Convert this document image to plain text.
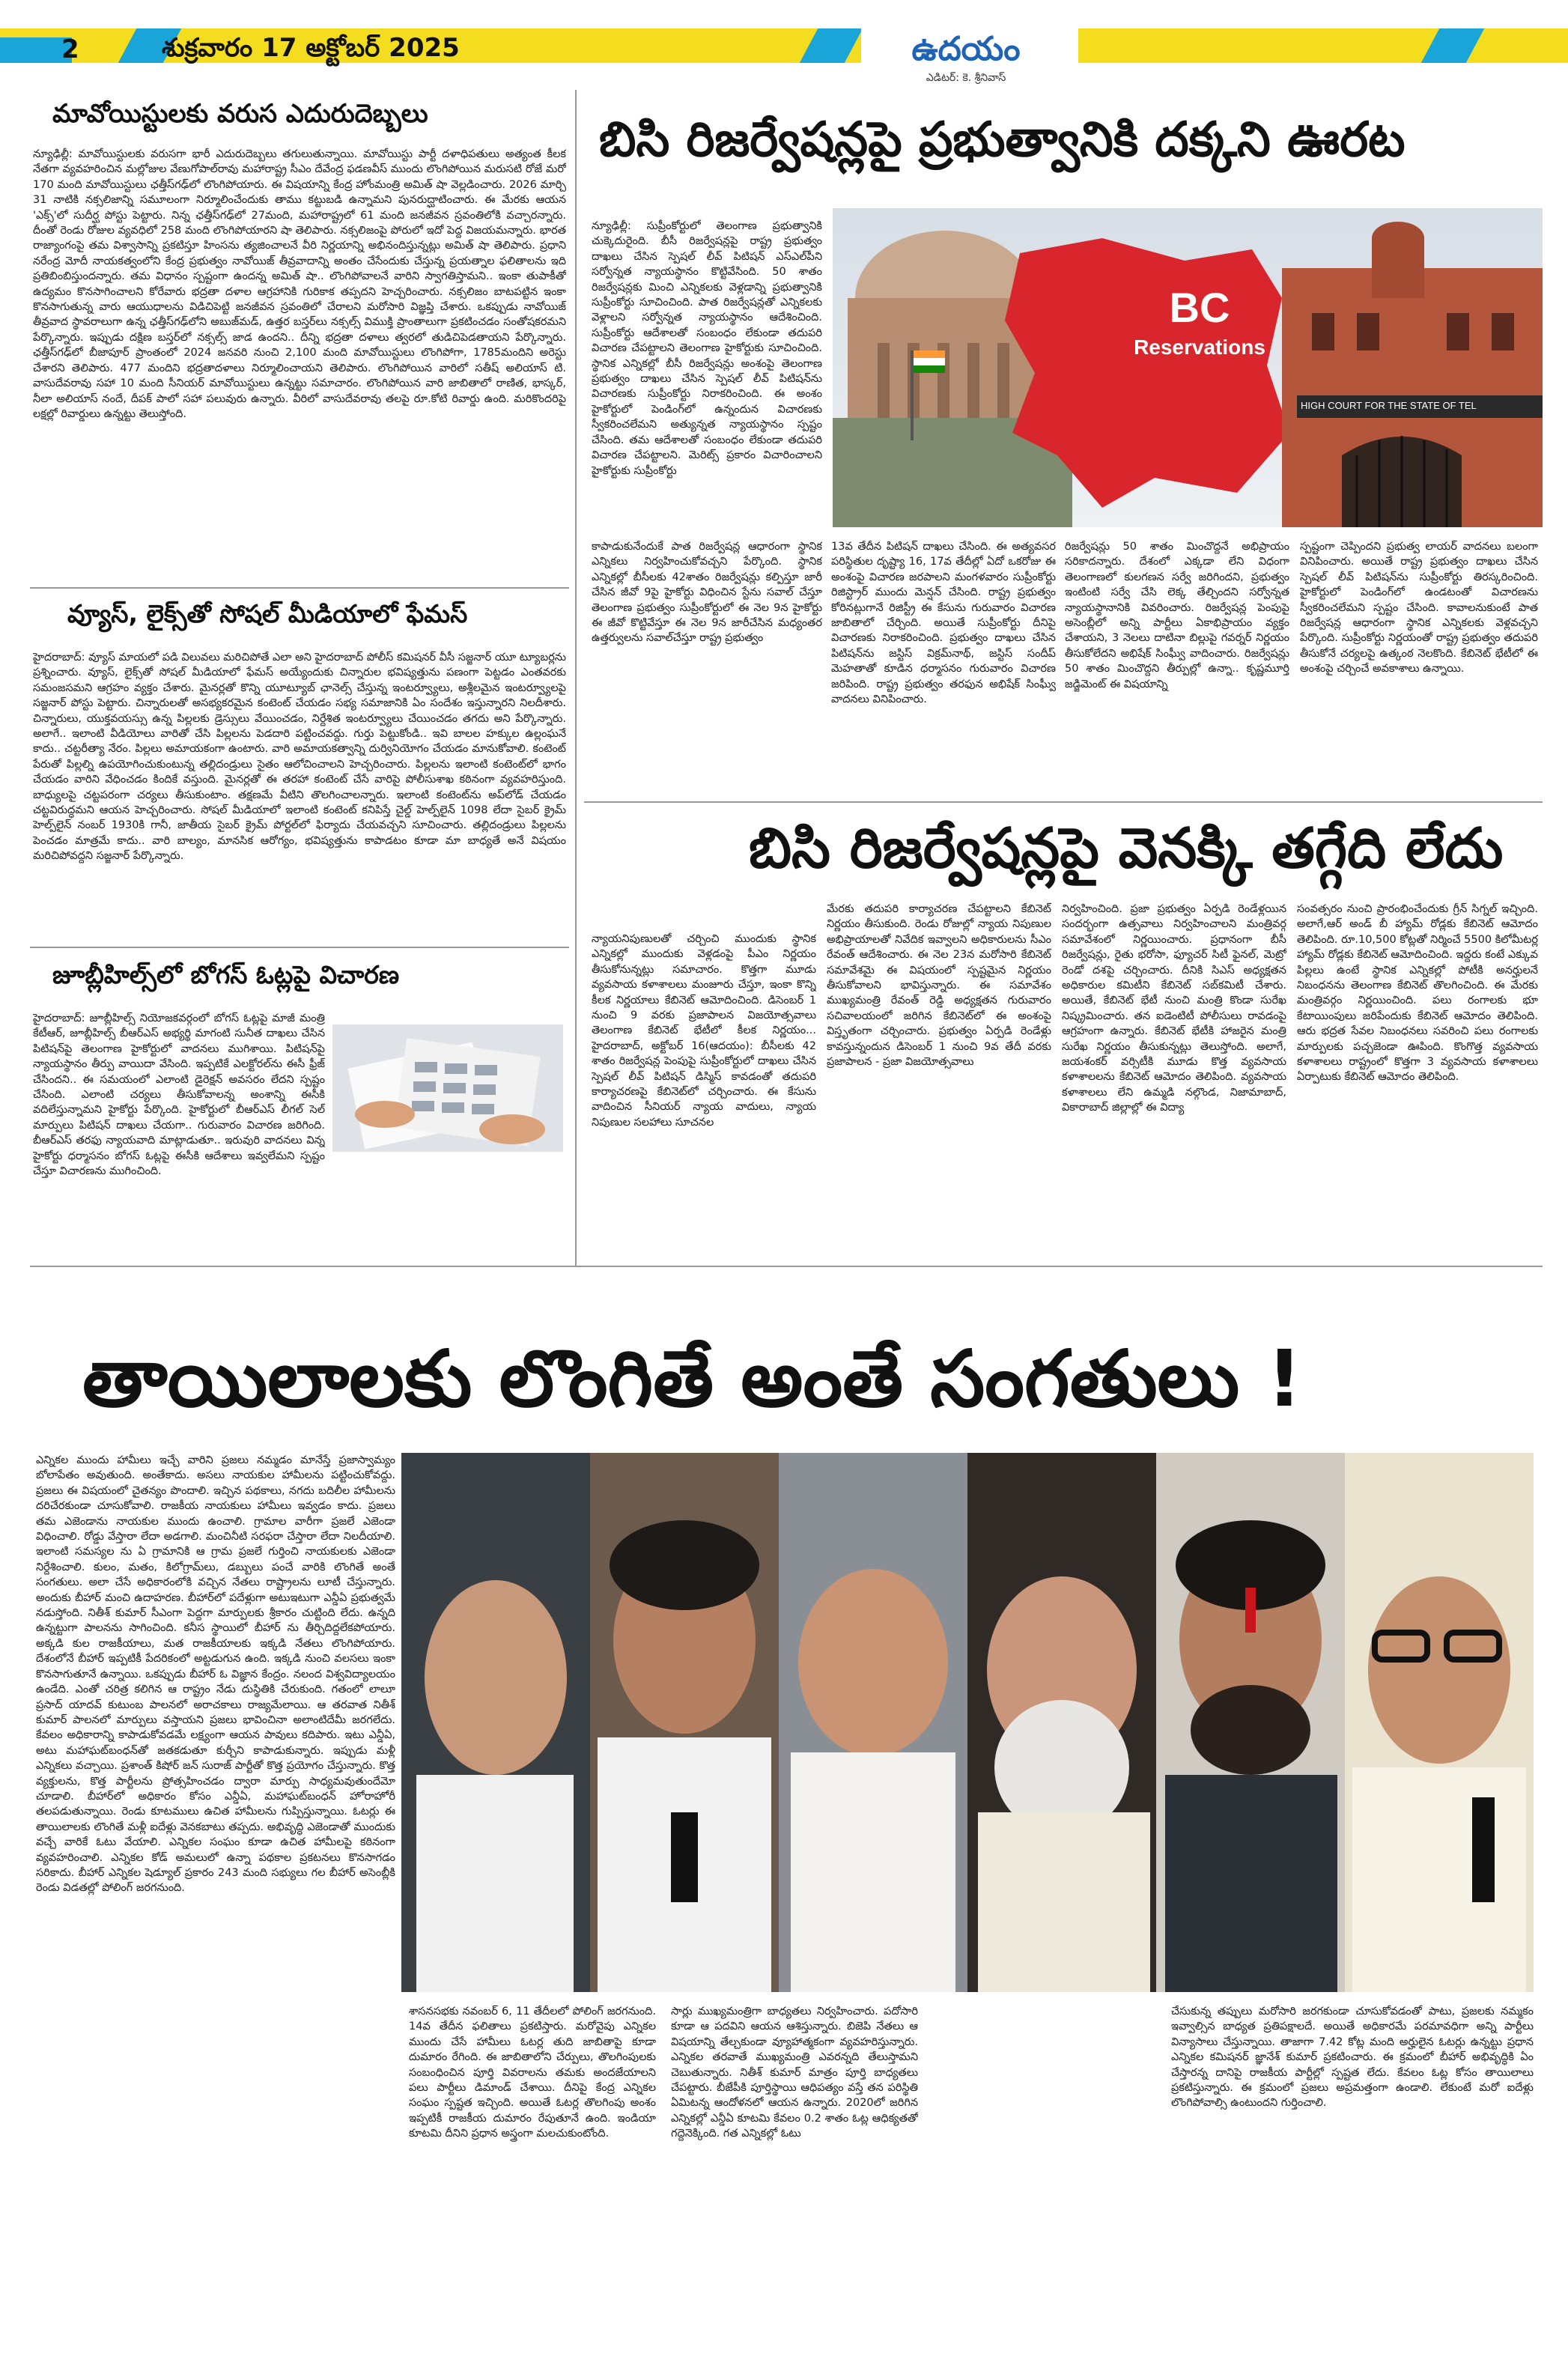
2	శుక్రవారం 17 అక్టోబర్ 2025	ఉదయం
ఎడిటర్: కె. శ్రీనివాస్
మావోయిస్టులకు వరుస ఎదురుదెబ్బలు
న్యూఢిల్లీ: మావోయిస్టులకు వరుసగా భారీ ఎదురుదెబ్బలు తగులుతున్నాయి. మావోయిస్టు పార్టీ దళాధిపతులు అత్యంత కీలక నేతగా వ్యవహరించిన మల్లోజుల వేణుగోపాల్‌రావు మహారాష్ట్ర సీఎం దేవేంద్ర ఫడణవీస్ ముందు లొంగిపోయిన మరుసటి రోజే మరో 170 మంది మావోయిస్టులు ఛత్తీస్‌గఢ్‌లో లొంగిపోయారు. ఈ విషయాన్ని కేంద్ర హోంమంత్రి అమిత్ షా వెల్లడించారు. 2026 మార్చి 31 నాటికి నక్సలిజాన్ని సమూలంగా నిర్మూలించేందుకు తాము కట్టుబడి ఉన్నామని పునరుద్ఘాటించారు. ఈ మేరకు ఆయన 'ఎక్స్'లో సుదీర్ఘ పోస్టు పెట్టారు. నిన్న ఛత్తీస్‌గఢ్‌లో 27మంది, మహారాష్ట్రలో 61 మంది జనజీవన స్రవంతిలోకి వచ్చారన్నారు. దీంతో రెండు రోజుల వ్యవధిలో 258 మంది లొంగిపోయారని షా తెలిపారు. నక్సలిజంపై పోరులో ఇదో పెద్ద విజయమన్నారు. భారత రాజ్యాంగంపై తమ విశ్వాసాన్ని ప్రకటిస్తూ హింసను త్యజించాలనే వీరి నిర్ణయాన్ని అభినందిస్తున్నట్లు అమిత్ షా తెలిపారు. ప్రధాని నరేంద్ర మోదీ నాయకత్వంలోని కేంద్ర ప్రభుత్వం నావోయిజ్‌ తీవ్రవాదాన్ని అంతం చేసేందుకు చేస్తున్న ప్రయత్నాల ఫలితాలను ఇది ప్రతిబింబిస్తుందన్నారు. తమ విధానం స్పష్టంగా ఉందన్న అమిత్ షా.. లొంగిపోవాలనే వారిని స్వాగతిస్తామని.. ఇంకా తుపాకీతో ఉద్యమం కొనసాగించాలని కోరేవారు భద్రతా దళాల ఆగ్రహానికి గురికాక తప్పదని హెచ్చరించారు. నక్సలిజం బాటపట్టిన ఇంకా కొనసాగుతున్న వారు ఆయుధాలను విడిచిపెట్టి జనజీవన స్రవంతిలో చేరాలని మరోసారి విజ్ఞప్తి చేశారు. ఒకప్పుడు నావోయిజ్ తీవ్రవాద స్థావరాలుగా ఉన్న ఛత్తీస్‌గఢ్‌లోని అబుజ్‌మడ్, ఉత్తర బస్తర్‌లు నక్సల్స్ విముక్తి ప్రాంతాలుగా ప్రకటించడం సంతోషకరమని పేర్కొన్నారు. ఇప్పుడు దక్షిణ బస్తర్‌లో నక్సల్స్ జాడ ఉందని.. దీన్ని భద్రతా దళాలు త్వరలో తుడిచిపెడతాయని పేర్కొన్నారు. ఛత్తీస్‌గఢ్‌లో బీజాపూర్ ప్రాంతంలో 2024 జనవరి నుంచి 2,100 మంది మావోయిస్టులు లొంగిపోగా, 1785మందిని అరెస్టు చేశారని తెలిపారు. 477 మందిని భద్రతాదళాలు నిర్మూలించాయని తెలిపారు. లొంగిపోయిన వారిలో సతీష్ అలియాస్ టి. వాసుదేవరావు సహా 10 మంది సీనియర్ మావోయిస్టులు ఉన్నట్టు సమాచారం. లొంగిపోయిన వారి జాబితాలో రాణిత, భాస్కర్, నీలా అలియాస్ నందే, దీపక్ పాలో సహా పలువురు ఉన్నారు. వీరిలో వాసుదేవరావు తలపై రూ.కోటి రివార్డు ఉంది. మరికొందరిపై లక్షల్లో రివార్డులు ఉన్నట్టు తెలుస్తోంది.
వ్యూస్, లైక్స్‌తో సోషల్ మీడియాలో ఫేమస్
హైదరాబాద్: వ్యూస్ మాయలో పడి విలువలు మరిచిపోతే ఎలా అని హైదరాబాద్ పోలీస్ కమిషనర్ వీసీ సజ్జనార్ యూ ట్యూబర్లను ప్రశ్నించారు. వ్యూస్, లైక్స్‌తో సోషల్ మీడియాలో ఫేమస్ అయ్యేందుకు చిన్నారుల భవిష్యత్తును పణంగా పెట్టడం ఎంతవరకు సమంజసమని ఆగ్రహం వ్యక్తం చేశారు. మైనర్లతో కొన్ని యూట్యూబ్ ఛానెల్స్ చేస్తున్న ఇంటర్వ్యూలు, అశ్లీలమైన ఇంటర్వ్యూలపై సజ్జనార్ పోస్టు పెట్టారు. చిన్నారులతో అసభ్యకరమైన కంటెంట్ చేయడం సభ్య సమాజానికి ఏం సందేశం ఇస్తున్నారని నిలదీశారు. చిన్నారులు, యుక్తవయస్సు ఉన్న పిల్లలకు డ్రెస్సులు వేయించడం, నిర్దేశిత ఇంటర్వ్యూలు చేయించడం తగదు అని పేర్కొన్నారు. అలాగే.. ఇలాంటి వీడియోలు వారితో చేసి పిల్లలను పెడదారి పట్టించవద్దు. గుర్తు పెట్టుకోండి.. ఇవి బాలల హక్కుల ఉల్లంఘనే కాదు.. చట్టరీత్యా నేరం. పిల్లలు అమాయకంగా ఉంటారు. వారి అమాయకత్వాన్ని దుర్వినియోగం చేయడం మానుకోవాలి. కంటెంట్ పేరుతో పిల్లల్ని ఉపయోగించుకుంటున్న తల్లిదండ్రులు సైతం ఆలోచించాలని హెచ్చరించారు. పిల్లలను ఇలాంటి కంటెంట్‌లో భాగం చేయడం వారిని వేధించడం కిందికే వస్తుంది. మైనర్లతో ఈ తరహా కంటెంట్ చేసే వారిపై పోలీసుశాఖ కఠినంగా వ్యవహరిస్తుంది. బాధ్యులపై చట్టపరంగా చర్యలు తీసుకుంటాం. తక్షణమే వీటిని తొలగించాలన్నారు. ఇలాంటి కంటెంట్‌ను అప్‌లోడ్ చేయడం చట్టవిరుద్ధమని ఆయన హెచ్చరించారు. సోషల్ మీడియాలో ఇలాంటి కంటెంట్ కనిపిస్తే చైల్డ్ హెల్ప్‌లైన్ 1098 లేదా సైబర్ క్రైమ్ హెల్ప్‌లైన్ నంబర్ 1930కి గానీ, జాతీయ సైబర్ క్రైమ్ పోర్టల్‌లో ఫిర్యాదు చేయవచ్చని సూచించారు. తల్లిదండ్రులు పిల్లలను పెంచడం మాత్రమే కాదు.. వారి బాల్యం, మానసిక ఆరోగ్యం, భవిష్యత్తును కాపాడటం కూడా మా బాధ్యతే అనే విషయం మరిచిపోవద్దని సజ్జనార్ పేర్కొన్నారు.
జూబ్లీహిల్స్‌లో బోగస్ ఓట్లపై విచారణ
హైదరాబాద్: జూబ్లీహిల్స్ నియోజకవర్గంలో బోగస్ ఓట్లపై మాజీ మంత్రి కేటీఆర్, జూబ్లీహిల్స్ బీఆర్ఎస్ అభ్యర్థి మాగంటి సునీత దాఖలు చేసిన పిటిషన్‌పై తెలంగాణ హైకోర్టులో వాదనలు ముగిశాయి. పిటిషన్‌పై న్యాయస్థానం తీర్పు వాయిదా వేసింది. ఇప్పటికే ఎలక్టోరల్‌ను ఈసీ ఫ్రీజ్ చేసిందని.. ఈ సమయంలో ఎలాంటి డైరెక్షన్ అవసరం లేదని స్పష్టం చేసింది. ఎలాంటి చర్యలు తీసుకోవాలన్న అంశాన్ని ఈసీకి వదిలేస్తున్నామని హైకోర్టు పేర్కొంది. హైకోర్టులో బీఆర్ఎస్ లీగల్ సెల్ మార్పులు పిటిషన్ దాఖలు చేయగా.. గురువారం విచారణ జరిగింది. బీఆర్ఎస్ తరఫు న్యాయవాది మాట్లాడుతూ.. ఇరువురి వాదనలు విన్న హైకోర్టు ధర్మాసనం బోగస్ ఓట్లపై ఈసీకి ఆదేశాలు ఇవ్వలేమని స్పష్టం చేస్తూ విచారణను ముగించింది.
బిసి రిజర్వేషన్లపై ప్రభుత్వానికి దక్కని ఊరట
BC
Reservations
HIGH COURT FOR THE STATE OF TEL
న్యూఢిల్లీ: సుప్రీంకోర్టులో తెలంగాణ ప్రభుత్వానికి చుక్కెదురైంది. బీసీ రిజర్వేషన్లపై రాష్ట్ర ప్రభుత్వం దాఖలు చేసిన స్పెషల్ లీవ్ పిటిషన్ ఎస్ఎల్‌పీని సర్వోన్నత న్యాయస్థానం కొట్టివేసింది. 50 శాతం రిజర్వేషన్లకు మించి ఎన్నికలకు వెళ్లడాన్ని ప్రభుత్వానికి సుప్రీంకోర్టు సూచించింది. పాత రిజర్వేషన్లతో ఎన్నికలకు వెళ్లాలని సర్వోన్నత న్యాయస్థానం ఆదేశించింది. సుప్రీంకోర్టు ఆదేశాలతో సంబంధం లేకుండా తదుపరి విచారణ చేపట్టాలని తెలంగాణ హైకోర్టుకు సూచించింది. స్థానిక ఎన్నికల్లో బీసీ రిజర్వేషన్లు అంశంపై తెలంగాణ ప్రభుత్వం దాఖలు చేసిన స్పెషల్ లీవ్ పిటిషన్‌ను విచారణకు సుప్రీంకోర్టు నిరాకరించింది. ఈ అంశం హైకోర్టులో పెండింగ్‌లో ఉన్నందున విచారణకు స్వీకరించలేమని అత్యున్నత న్యాయస్థానం స్పష్టం చేసింది. తమ ఆదేశాలతో సంబంధం లేకుండా తదుపరి విచారణ చేపట్టాలని. మెరిట్స్ ప్రకారం విచారించాలని హైకోర్టుకు సుప్రీంకోర్టు
కాపాడుకునేందుకే పాత రిజర్వేషన్ల ఆధారంగా స్థానిక ఎన్నికలు నిర్వహించుకోవచ్చని పేర్కొంది. స్థానిక ఎన్నికల్లో బీసీలకు 42శాతం రిజర్వేషన్లు కల్పిస్తూ జారీ చేసిన జీవో 9పై హైకోర్టు విధించిన స్టేను సవాల్ చేస్తూ తెలంగాణ ప్రభుత్వం సుప్రీంకోర్టులో ఈ నెల 9న హైకోర్టు ఈ జీవో కొట్టివేస్తూ ఈ నెల 9న జారీచేసిన మధ్యంతర ఉత్తర్వులను సవాల్‌చేస్తూ రాష్ట్ర ప్రభుత్వం
13వ తేదీన పిటిషన్ దాఖలు చేసింది. ఈ అత్యవసర పరిస్థితుల దృష్ట్యా 16, 17వ తేదీల్లో ఏదో ఒకరోజు ఈ అంశంపై విచారణ జరపాలని మంగళవారం సుప్రీంకోర్టు రిజిస్ట్రార్ ముందు మెన్షన్ చేసింది. రాష్ట్ర ప్రభుత్వం కోరినట్లుగానే రిజిస్ట్రీ ఈ కేసును గురువారం విచారణ జాబితాలో చేర్చింది. అయితే సుప్రీంకోర్టు దీనిపై విచారణకు నిరాకరించింది. ప్రభుత్వం దాఖలు చేసిన పిటిషన్‌ను జస్టిస్ విక్రమ్‌నాథ్, జస్టిస్ సందీప్ మెహతాతో కూడిన ధర్మాసనం గురువారం విచారణ జరిపింది. రాష్ట్ర ప్రభుత్వం తరఫున అభిషేక్ సింఘ్వీ వాదనలు వినిపించారు.
రిజర్వేషన్లు 50 శాతం మించొద్దనే అభిప్రాయం సరికాదన్నారు. దేశంలో ఎక్కడా లేని విధంగా తెలంగాణలో కులగణన సర్వే జరిగిందని, ప్రభుత్వం ఇంటింటి సర్వే చేసి లెక్క తేల్చిందని సర్వోన్నత న్యాయస్థానానికి వివరించారు. రిజర్వేషన్ల పెంపుపై అసెంబ్లీలో అన్ని పార్టీలు ఏకాభిప్రాయం వ్యక్తం చేశాయని, 3 నెలలు దాటినా బిల్లుపై గవర్నర్ నిర్ణయం తీసుకోలేదని అభిషేక్ సింఘ్వీ వాదించారు. రిజర్వేషన్లు 50 శాతం మించొద్దని తీర్పుల్లో ఉన్నా.. కృష్ణమూర్తి జడ్జిమెంట్ ఈ విషయాన్ని
స్పష్టంగా చెప్పిందని ప్రభుత్వ లాయర్ వాదనలు బలంగా వినిపించారు. అయితే రాష్ట్ర ప్రభుత్వం దాఖలు చేసిన స్పెషల్ లీవ్ పిటిషన్‌ను సుప్రీంకోర్టు తిరస్కరించింది. హైకోర్టులో పెండింగ్‌లో ఉండటంతో విచారణను స్వీకరించలేమని స్పష్టం చేసింది. కావాలనుకుంటే పాత రిజర్వేషన్ల ఆధారంగా స్థానిక ఎన్నికలకు వెళ్లవచ్చని పేర్కొంది. సుప్రీంకోర్టు నిర్ణయంతో రాష్ట్ర ప్రభుత్వం తదుపరి తీసుకోనే చర్యలపై ఉత్కంఠ నెలకొంది. కేబినెట్ భేటీలో ఈ అంశంపై చర్చించే అవకాశాలు ఉన్నాయి.
బిసి రిజర్వేషన్లపై వెనక్కి తగ్గేది లేదు
న్యాయనిపుణులతో చర్చించి ముందుకు స్థానిక ఎన్నికల్లో ముందుకు వెళ్లడంపై పీఎం నిర్ణయం తీసుకోనున్నట్లు సమాచారం. కొత్తగా మూడు వ్యవసాయ కళాశాలలు మంజూరు చేస్తూ, ఇంకా కొన్ని కీలక నిర్ణయాలు కేబినెట్ ఆమోదించింది. డిసెంబర్ 1 నుంచి 9 వరకు ప్రజాపాలన విజయోత్సవాలు తెలంగాణ కేబినెట్ భేటీలో కీలక నిర్ణయం... హైదరాబాద్, అక్టోబర్ 16(ఆదయం): బీసీలకు 42 శాతం రిజర్వేషన్ల పెంపుపై సుప్రీంకోర్టులో దాఖలు చేసిన స్పెషల్ లీవ్ పిటిషన్ డిస్మిస్ కావడంతో తదుపరి కార్యాచరణపై కేబినెట్‌లో చర్చించారు. ఈ కేసును వాదించిన సీనియర్ న్యాయ వాదులు, న్యాయ నిపుణుల సలహాలు సూచనల
మేరకు తదుపరి కార్యాచరణ చేపట్టాలని కేబినెట్ నిర్ణయం తీసుకుంది. రెండు రోజుల్లో న్యాయ నిపుణుల అభిప్రాయాలతో నివేదిక ఇవ్వాలని అధికారులను సీఎం రేవంత్ ఆదేశించారు. ఈ నెల 23న మరోసారి కేబినెట్ సమావేశమై ఈ విషయంలో స్పష్టమైన నిర్ణయం తీసుకోవాలని భావిస్తున్నారు. ఈ సమావేశం ముఖ్యమంత్రి రేవంత్ రెడ్డి అధ్యక్షతన గురువారం సచివాలయంలో జరిగిన కేబినెట్‌లో ఈ అంశంపై విస్తృతంగా చర్చించారు. ప్రభుత్వం ఏర్పడి రెండేళ్లు కావస్తున్నందున డిసెంబర్ 1 నుంచి 9వ తేదీ వరకు ప్రజాపాలన - ప్రజా విజయోత్సవాలు
నిర్వహించింది. ప్రజా ప్రభుత్వం ఏర్పడి రెండేళ్లయిన సందర్భంగా ఉత్సవాలు నిర్వహించాలని మంత్రివర్గ సమావేశంలో నిర్ణయించారు. ప్రధానంగా బీసీ రిజర్వేషన్లు, రైతు భరోసా, ఫ్యూచర్ సిటీ ఫైనల్, మెట్రో రెండో దశపై చర్చించారు. దీనికి సిఎస్ అధ్యక్షతన అధికారుల కమిటీని కేబినెట్ సబ్‌కమిటీ చేశారు. అయితే, కేబినెట్ భేటీ నుంచి మంత్రి కొండా సురేఖ నిష్క్రమించారు. తన ఐడెంటిటీ పోలీసులు రావడంపై ఆగ్రహంగా ఉన్నారు. కేబినెట్ భేటీకి హాజరైన మంత్రి సురేఖ నిర్ణయం తీసుకున్నట్లు తెలుస్తోంది. అలాగే, జయశంకర్ వర్సిటీకి మూడు కొత్త వ్యవసాయ కళాశాలలను కేబినెట్ ఆమోదం తెలిపింది. వ్యవసాయ కళాశాలలు లేని ఉమ్మడి నల్గొండ, నిజామాబాద్, వికారాబాద్ జిల్లాల్లో ఈ విద్యా
సంవత్సరం నుంచి ప్రారంభించేందుకు గ్రీన్ సిగ్నల్ ఇచ్చింది. అలాగే,ఆర్ అండ్ బీ హ్యామ్ రోడ్లకు కేబినెట్ ఆమోదం తెలిపింది. రూ.10,500 కోట్లతో నిర్మించే 5500 కిలోమీటర్ల హ్యామ్ రోడ్లకు కేబినెట్ ఆమోదించింది. ఇద్దరు కంటే ఎక్కువ పిల్లలు ఉంటే స్థానిక ఎన్నికల్లో పోటీకి అనర్హులనే నిబంధనను తెలంగాణ కేబినెట్ తొలగించింది. ఈ మేరకు మంత్రివర్గం నిర్ణయించింది. పలు రంగాలకు భూ కేటాయింపులు జరిపేందుకు కేబినెట్ ఆమోదం తెలిపింది. ఆరు భద్రత సేవల నిబంధనలు సవరించి పలు రంగాలకు మార్పులకు పచ్చజెండా ఊపింది. కొంగొత్త వ్యవసాయ కళాశాలలు రాష్ట్రంలో కొత్తగా 3 వ్యవసాయ కళాశాలలు ఏర్పాటుకు కేబినెట్ ఆమోదం తెలిపింది.
తాయిలాలకు లొంగితే అంతే సంగతులు !
ఎన్నికల ముందు హామీలు ఇచ్చే వారిని ప్రజలు నమ్మడం మానేస్తే ప్రజాస్వామ్యం బోలాపేతం అవుతుంది. అంతేకాదు. అసలు నాయకుల హామీలను పట్టించుకోవద్దు. ప్రజలు ఈ విషయంలో చైతన్యం పొందాలి. ఇచ్చిన పథకాలు, నగదు బదిలీల హామీలను దరిచేరకుండా చూసుకోవాలి. రాజకీయ నాయకులు హామీలు ఇవ్వడం కాదు. ప్రజలు తమ ఎజెండాను నాయకుల ముందు ఉంచాలి. గ్రామాల వారీగా ప్రజలే ఎజెండా విధించాలి. రోడ్డు వేస్తారా లేదా అడగాలి. మంచినీటి సరఫరా చేస్తారా లేదా నిలదీయాలి. ఇలాంటి సమస్యల ను ఏ గ్రామానికి ఆ గ్రామ ప్రజలే గుర్తించి నాయకులకు ఎజెండా నిర్దేశించాలి. కులం, మతం, కిలోగ్రామ్‌లు, డబ్బులు పంచే వారికి లొంగితే అంతే సంగతులు. అలా చేసే అధికారంలోకి వచ్చిన నేతలు రాష్ట్రాలను లూటీ చేస్తున్నారు. అందుకు బీహార్ మంచి ఉదాహరణ. బీహార్‌లో పదేళ్లుగా అటుఇటుగా ఎన్డీఏ ప్రభుత్వమే నడుస్తోంది. నితీశ్ కుమార్ సీఎంగా పెద్దగా మార్పులకు శ్రీకారం చుట్టింది లేదు. ఉన్నది ఉన్నట్టుగా పాలనను సాగించింది. కనీస స్థాయిలో బీహార్ ను తీర్చిదిద్దలేకపోయారు. అక్కడి కుల రాజకీయాలు, మత రాజకీయాలకు ఇక్కడి నేతలు లొంగిపోయారు. దేశంలోనే బీహార్ ఇప్పటికీ పేదరికంలో అట్టడుగున ఉంది. ఇక్కడి నుంచి వలసలు ఇంకా కొనసాగుతూనే ఉన్నాయి. ఒకప్పుడు బీహార్ ఓ విజ్ఞాన కేంద్రం. నలంద విశ్వవిద్యాలయం ఉండేది. ఎంతో చరిత్ర కలిగిన ఆ రాష్ట్రం నేడు దుస్థితికి చేరుకుంది. గతంలో లాలూ ప్రసాద్ యాదవ్ కుటుంబ పాలనలో అరాచకాలు రాజ్యమేలాయి. ఆ తరవాత నితీశ్ కుమార్ పాలనలో మార్పులు వస్తాయని ప్రజలు భావించినా అలాంటిదేమీ జరగలేదు. కేవలం అధికారాన్ని కాపాడుకోవడమే లక్ష్యంగా ఆయన పావులు కదిపారు. ఇటు ఎన్డీఏ, అటు మహాఘట్‌బంధన్‌తో జతకడుతూ కుర్చీని కాపాడుకున్నారు. ఇప్పుడు మళ్లీ ఎన్నికలు వచ్చాయి. ప్రశాంత్ కిషోర్ జన్ సురాజ్ పార్టీతో కొత్త ప్రయోగం చేస్తున్నారు. కొత్త వ్యక్తులను, కొత్త పార్టీలను ప్రోత్సహించడం ద్వారా మార్పు సాధ్యమవుతుందేమో చూడాలి. బీహార్‌లో అధికారం కోసం ఎన్డీఏ, మహాఘట్‌బంధన్ హోరాహోరీ తలపడుతున్నాయి. రెండు కూటములు ఉచిత హామీలను గుప్పిస్తున్నాయి. ఓటర్లు ఈ తాయిలాలకు లొంగితే మళ్లీ ఐదేళ్లు వెనకబాటు తప్పదు. అభివృద్ధి ఎజెండాతో ముందుకు వచ్చే వారికే ఓటు వేయాలి. ఎన్నికల సంఘం కూడా ఉచిత హామీలపై కఠినంగా వ్యవహరించాలి. ఎన్నికల కోడ్ అమలులో ఉన్నా పథకాల ప్రకటనలు కొనసాగడం సరికాదు. బీహార్ ఎన్నికల షెడ్యూల్ ప్రకారం 243 మంది సభ్యులు గల బీహార్ అసెంబ్లీకి రెండు విడతల్లో పోలింగ్ జరగనుంది.
శాసనసభకు నవంబర్ 6, 11 తేదీలలో పోలింగ్ జరగనుంది. 14వ తేదీన ఫలితాలు ప్రకటిస్తారు. మరోవైపు ఎన్నికల ముందు చేసే హామీలు ఓటర్ల తుది జాబితాపై కూడా దుమారం రేగింది. ఈ జాబితాలోని చేర్పులు, తొలగింపులకు సంబంధించిన పూర్తి వివరాలను తమకు అందజేయాలని పలు పార్టీలు డిమాండ్ చేశాయి. దీనిపై కేంద్ర ఎన్నికల సంఘం స్పష్టత ఇచ్చింది. అయితే ఓటర్ల తొలగింపు అంశం ఇప్పటికీ రాజకీయ దుమారం రేపుతూనే ఉంది. ఇండియా కూటమి దీనిని ప్రధాన అస్త్రంగా మలచుకుంటోంది.
సార్లు ముఖ్యమంత్రిగా బాధ్యతలు నిర్వహించారు. పదోసారి కూడా ఆ పదవిని ఆయన ఆశిస్తున్నారు. బిజెపి నేతలు ఆ విషయాన్ని తేల్చకుండా వ్యూహాత్మకంగా వ్యవహరిస్తున్నారు. ఎన్నికల తరవాతే ముఖ్యమంత్రి ఎవరన్నది తేలుస్తామని చెబుతున్నారు. నితీశ్ కుమార్ మాత్రం పూర్తి బాధ్యతలు చేపట్టారు. బీజేపీకి పూర్తిస్థాయి ఆధిపత్యం వస్తే తన పరిస్థితి ఏమిటన్న ఆందోళనలో ఆయన ఉన్నారు. 2020లో జరిగిన ఎన్నికల్లో ఎన్డీఏ కూటమి కేవలం 0.2 శాతం ఓట్ల ఆధిక్యతతో గద్దెనెక్కింది. గత ఎన్నికల్లో ఓటు
చేసుకున్న తప్పులు మరోసారి జరగకుండా చూసుకోవడంతో పాటు, ప్రజలకు నమ్మకం ఇవ్వాల్సిన బాధ్యత ప్రతిపక్షాలదే. అయితే అధికారమే పరమావధిగా అన్ని పార్టీలు విన్యాసాలు చేస్తున్నాయి. తాజాగా 7.42 కోట్ల మంది అర్హులైన ఓటర్లు ఉన్నట్టు ప్రధాన ఎన్నికల కమిషనర్ జ్ఞానేశ్ కుమార్ ప్రకటించారు. ఈ క్రమంలో బీహార్ అభివృద్ధికి ఏం చేస్తారన్న దానిపై రాజకీయ పార్టీల్లో స్పష్టత లేదు. కేవలం ఓట్ల కోసం తాయిలాలు ప్రకటిస్తున్నారు. ఈ క్రమంలో ప్రజలు అప్రమత్తంగా ఉండాలి. లేకుంటే మరో ఐదేళ్లు లొంగిపోవాల్సి ఉంటుందని గుర్తించాలి.
